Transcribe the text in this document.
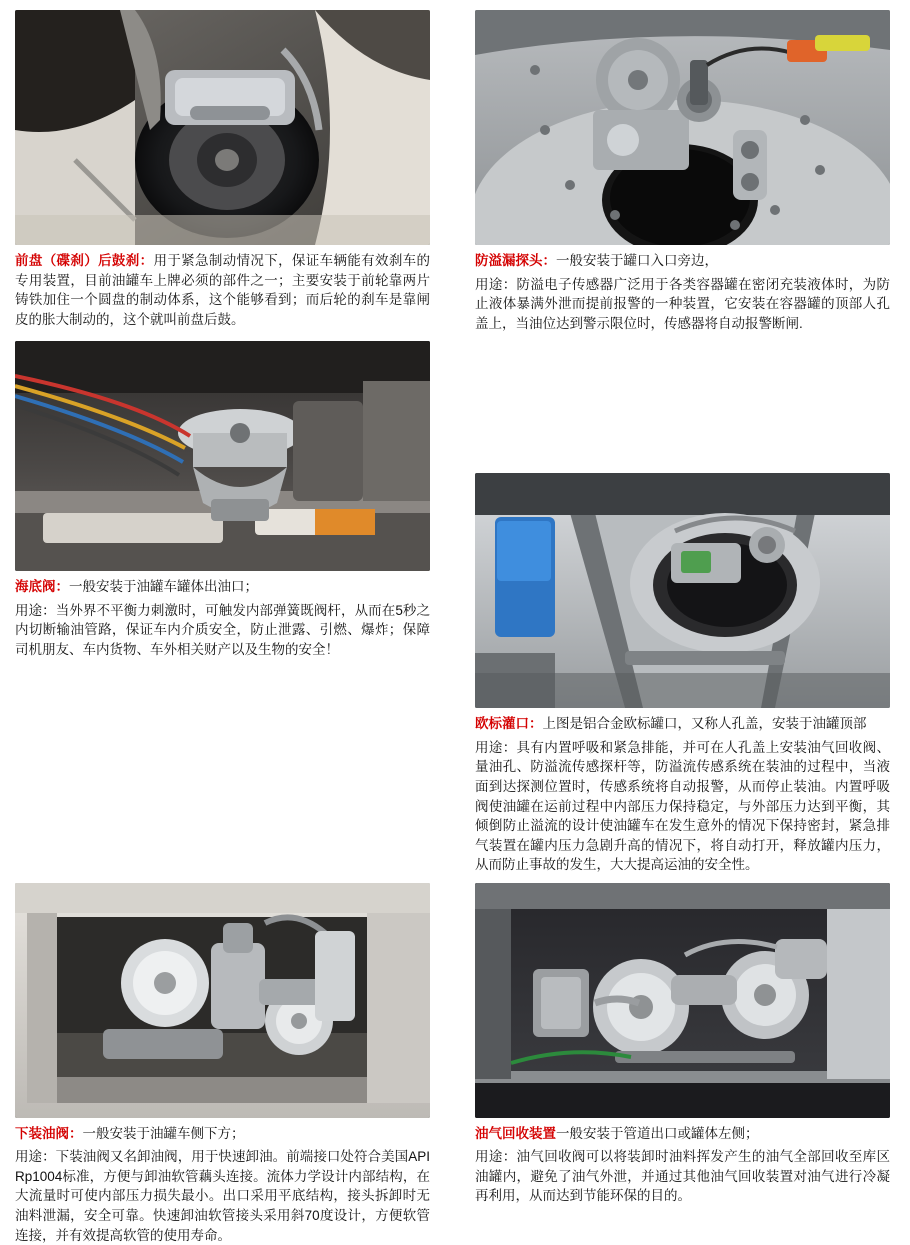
前盘（碟刹）后鼓刹：用于紧急制动情况下，保证车辆能有效刹车的专用装置，目前油罐车上牌必须的部件之一；主要安装于前轮靠两片铸铁加住一个圆盘的制动体系，这个能够看到；而后轮的刹车是靠闸皮的胀大制动的，这个就叫前盘后鼓。
防溢漏探头：一般安装于罐口入口旁边，
用途：防溢电子传感器广泛用于各类容器罐在密闭充装液体时，为防止液体暴满外泄而提前报警的一种装置，它安装在容器罐的顶部人孔盖上，当油位达到警示限位时，传感器将自动报警断闸.
海底阀：一般安装于油罐车罐体出油口；
用途：当外界不平衡力刺激时，可触发内部弹簧既阀杆，从而在5秒之内切断输油管路，保证车内介质安全，防止泄露、引燃、爆炸；保障司机朋友、车内货物、车外相关财产以及生物的安全！
欧标灌口：上图是铝合金欧标罐口，又称人孔盖，安装于油罐顶部
用途：具有内置呼吸和紧急排能，并可在人孔盖上安装油气回收阀、量油孔、防溢流传感探杆等，防溢流传感系统在装油的过程中，当液面到达探测位置时，传感系统将自动报警，从而停止装油。内置呼吸阀使油罐在运前过程中内部压力保持稳定，与外部压力达到平衡，其倾倒防止溢流的设计使油罐车在发生意外的情况下保持密封，紧急排气装置在罐内压力急剧升高的情况下，将自动打开，释放罐内压力，从而防止事故的发生，大大提高运油的安全性。
下装油阀：一般安装于油罐车侧下方；
用途：下装油阀又名卸油阀，用于快速卸油。前端接口处符合美国APIRp1004标准，方便与卸油软管藕头连接。流体力学设计内部结构，在大流量时可使内部压力损失最小。出口采用平底结构，接头拆卸时无油料泄漏，安全可靠。快速卸油软管接头采用斜70度设计，方便软管连接，并有效提高软管的使用寿命。
油气回收装置一般安装于管道出口或罐体左侧；
用途：油气回收阀可以将装卸时油料挥发产生的油气全部回收至库区油罐内，避免了油气外泄，并通过其他油气回收装置对油气进行冷凝再利用，从而达到节能环保的目的。
